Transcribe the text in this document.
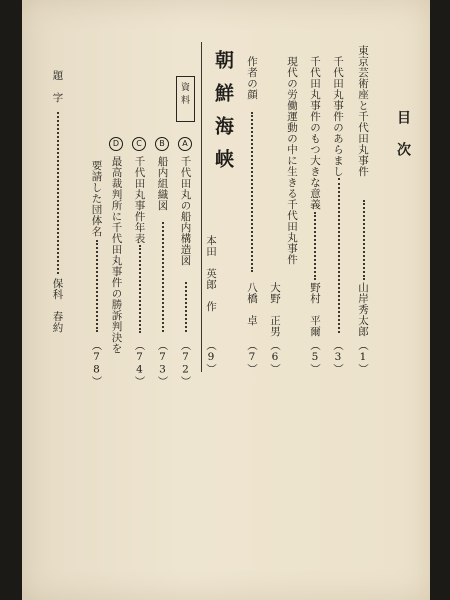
目　次
東京芸術座と千代田丸事件
山岸秀太郎
（1）
千代田丸事件のあらまし
（3）
千代田丸事件のもつ大きな意義
野村　平爾
（5）
現代の労働運動の中に生きる千代田丸事件
大野　正男
（6）
作者の顔
八橋　卓
（7）
朝鮮海峡
本田　英郎　作
（9）
資料
A
千代田丸の船内構造図
（72）
B
船内組織図
（73）
C
千代田丸事件年表
（74）
D
最高裁判所に千代田丸事件の勝訴判決を
要請した団体名
（78）
題　字
保科　春約
